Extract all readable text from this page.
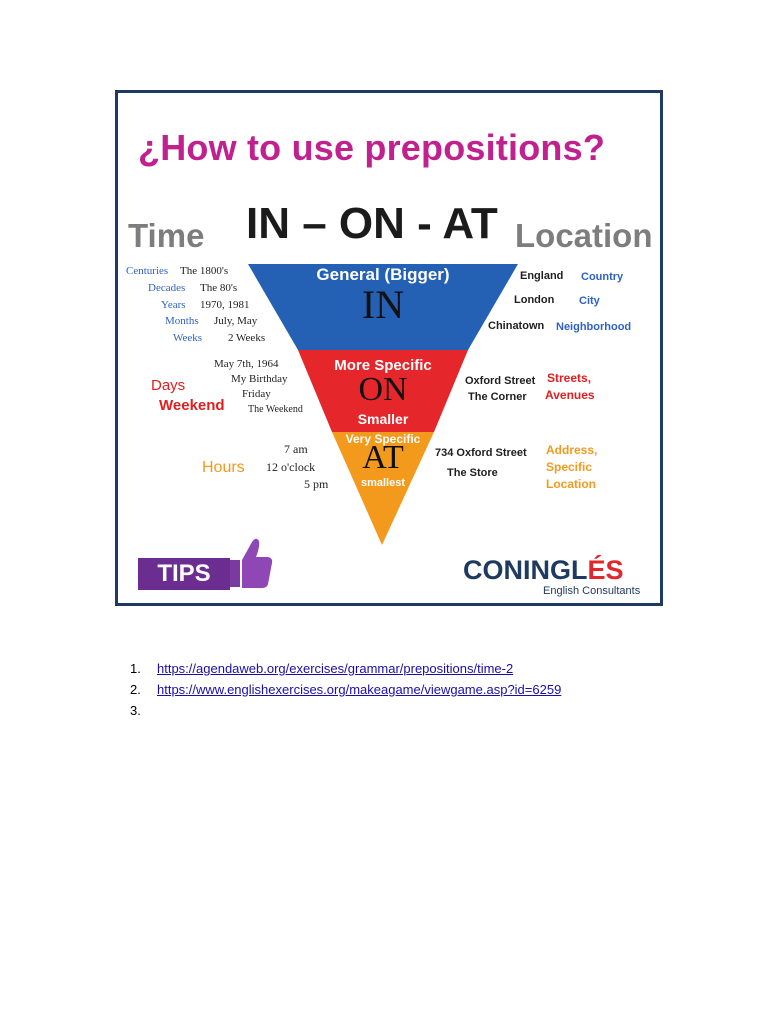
¿How to use prepositions?
Time IN – ON - AT Location
General (Bigger)
IN
More Specific
ON
Smaller
Very Specific
AT
smallest
Centuries
Decades
Years
Months
Weeks
The 1800's
The 80's
1970, 1981
July, May
2 Weeks
May 7th, 1964
My Birthday
Friday
The Weekend
Days
Weekend
7 am
12 o'clock
5 pm
Hours
England
London
Chinatown
Country
City
Neighborhood
Oxford Street
The Corner
Streets,
Avenues
734 Oxford Street
The Store
Address,
Specific
Location
TIPS	CONINGLÉS
English Consultants
1. https://agendaweb.org/exercises/grammar/prepositions/time-2
2. https://www.englishexercises.org/makeagame/viewgame.asp?id=6259
3.
